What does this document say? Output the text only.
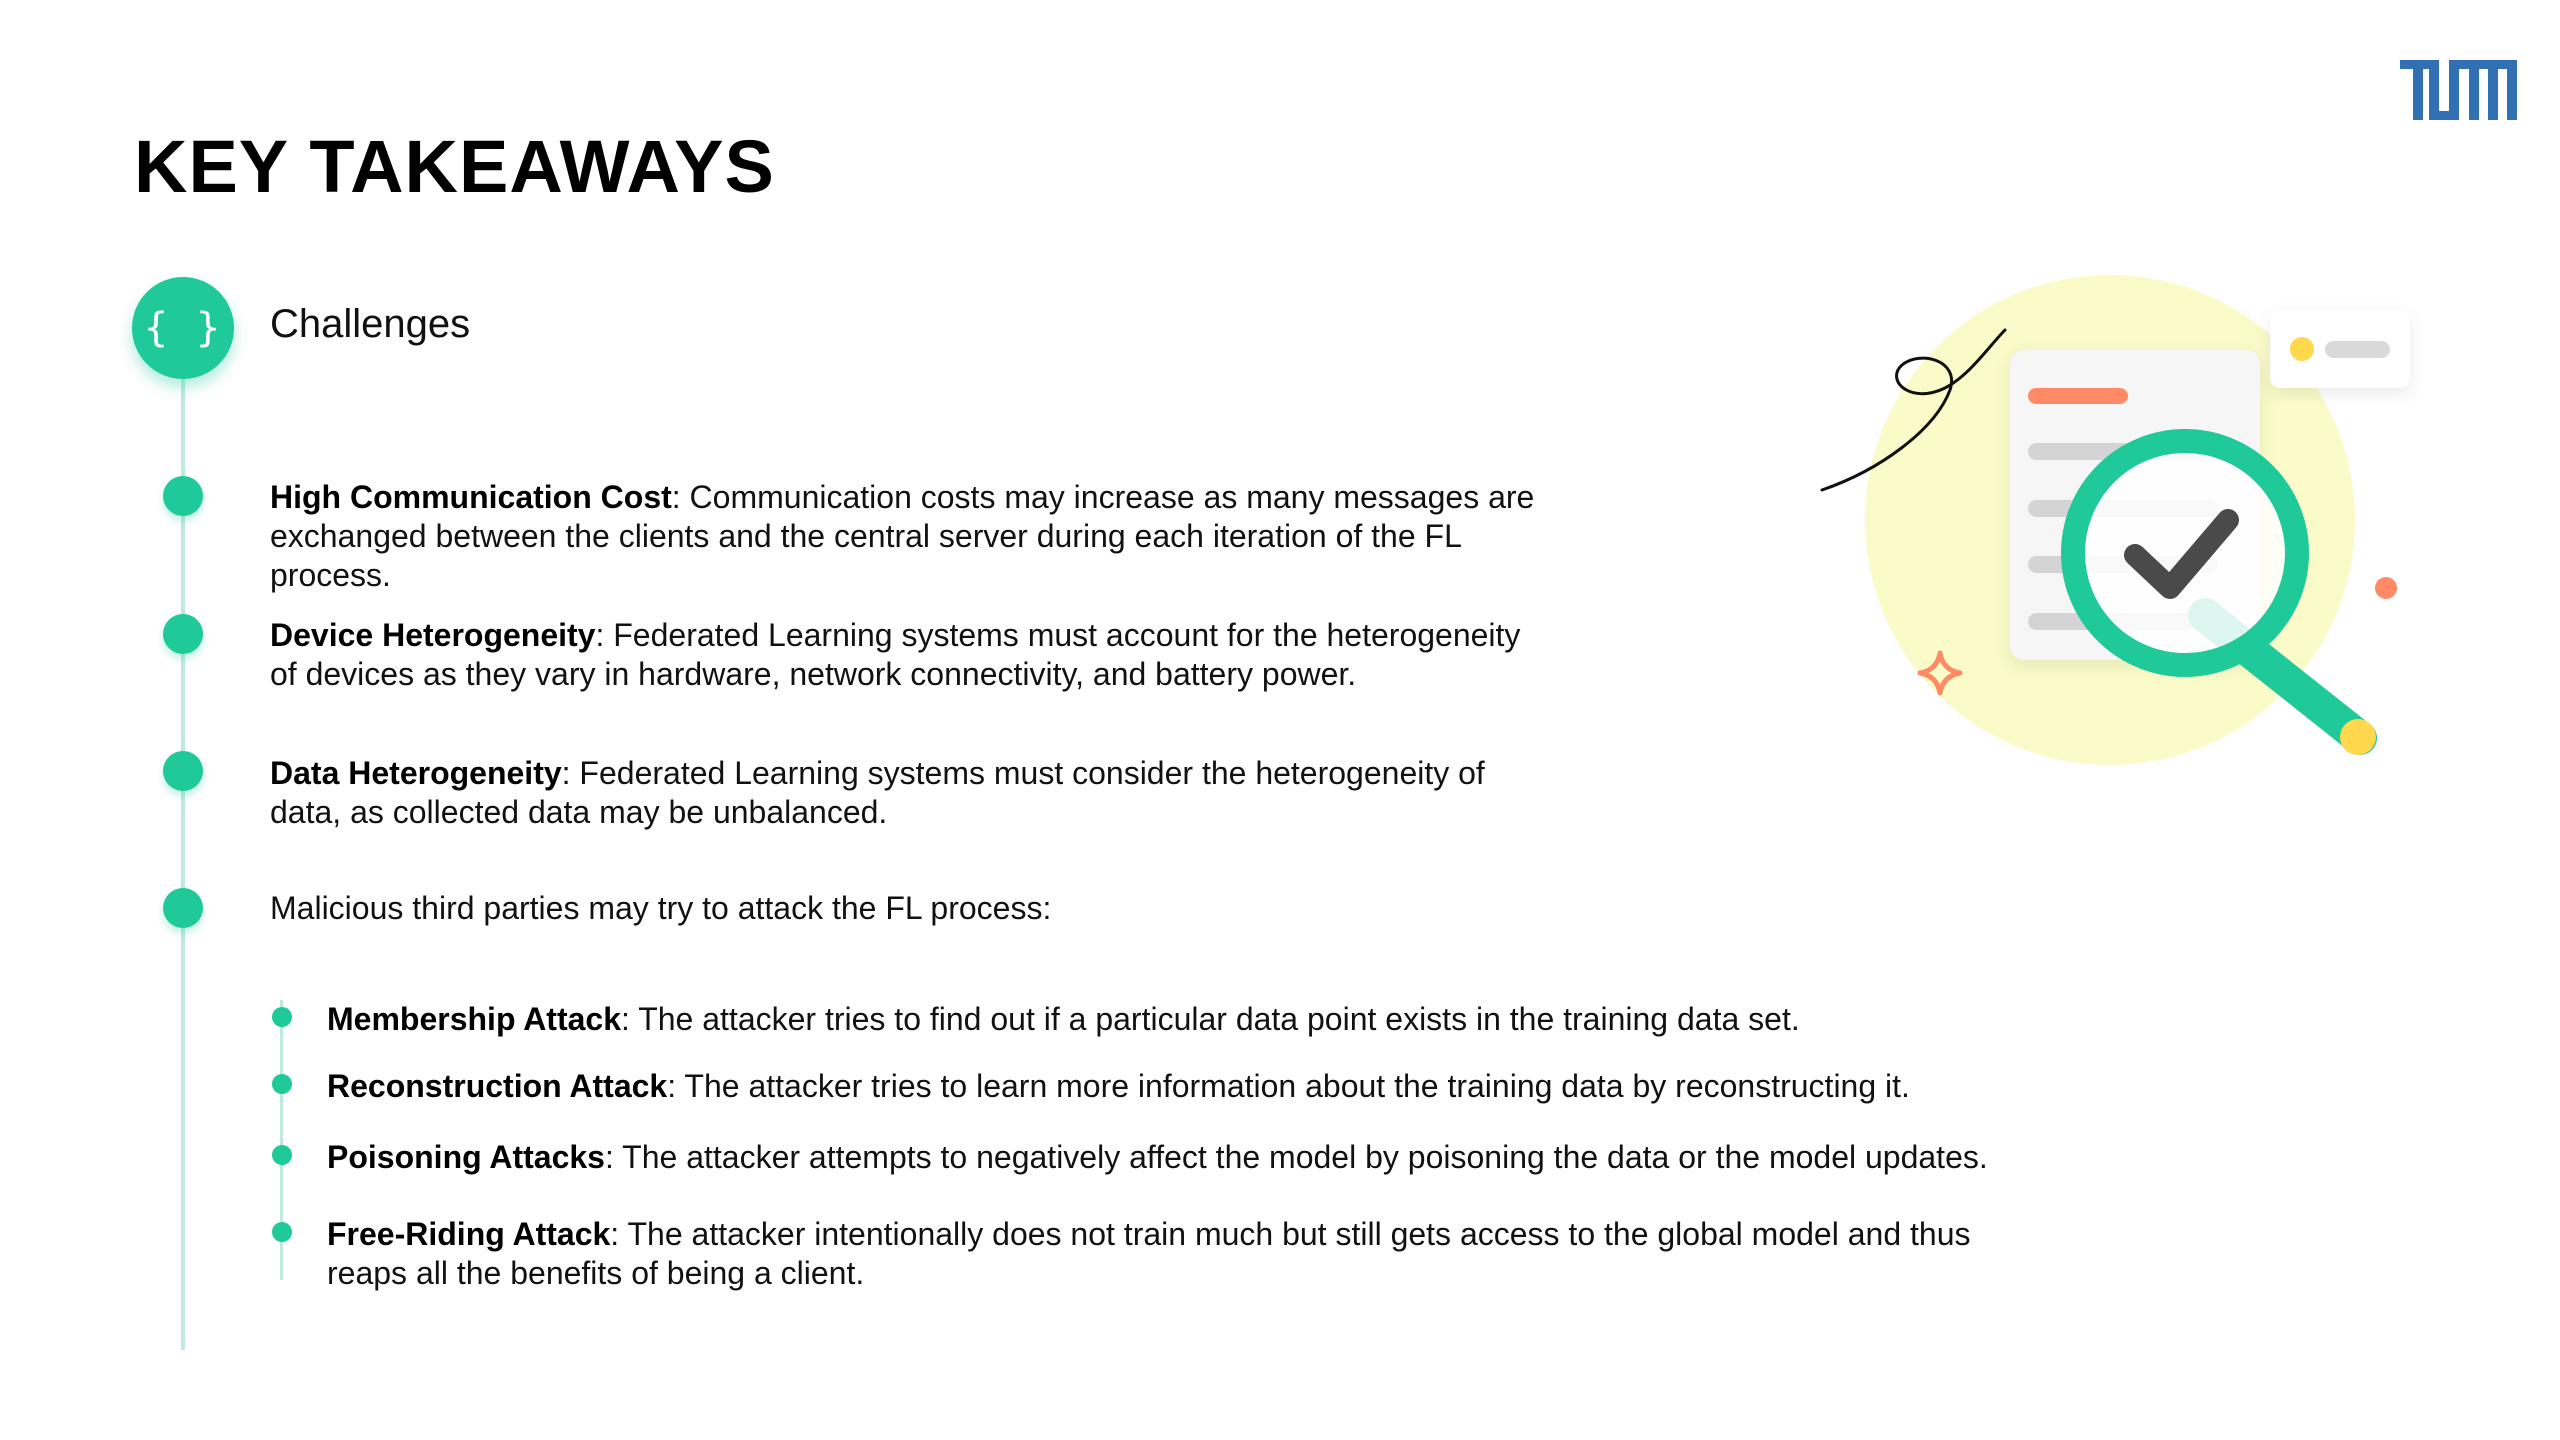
KEY TAKEAWAYS
{ } Challenges
High Communication Cost: Communication costs may increase as many messages are
exchanged between the clients and the central server during each iteration of the FL
process.
Device Heterogeneity: Federated Learning systems must account for the heterogeneity
of devices as they vary in hardware, network connectivity, and battery power.
Data Heterogeneity: Federated Learning systems must consider the heterogeneity of
data, as collected data may be unbalanced.
Malicious third parties may try to attack the FL process:
Membership Attack: The attacker tries to find out if a particular data point exists in the training data set.
Reconstruction Attack: The attacker tries to learn more information about the training data by reconstructing it.
Poisoning Attacks: The attacker attempts to negatively affect the model by poisoning the data or the model updates.
Free-Riding Attack: The attacker intentionally does not train much but still gets access to the global model and thus
reaps all the benefits of being a client.
